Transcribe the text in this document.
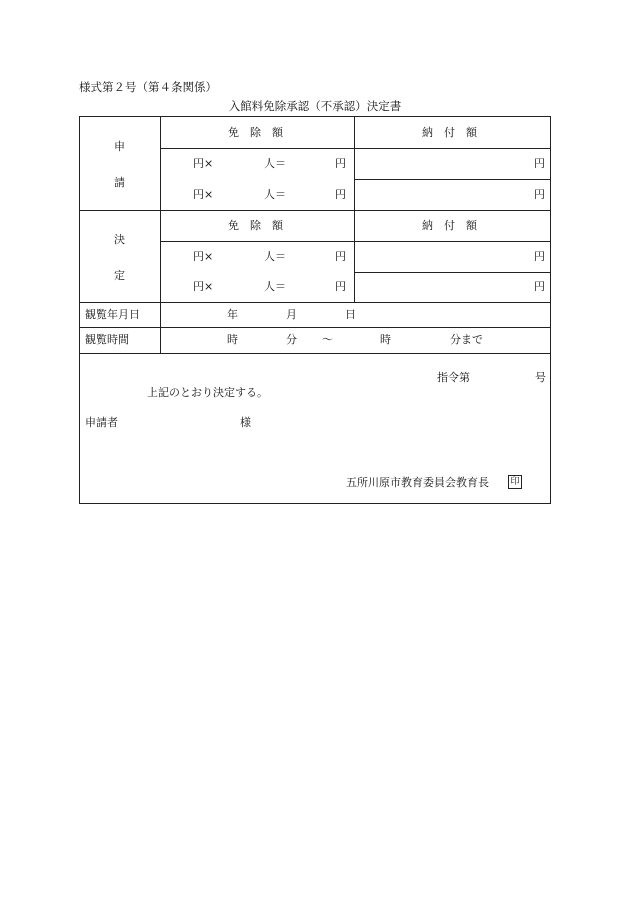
様式第２号（第４条関係）
入館料免除承認（不承認）決定書
申
請
免除額	納付額
円×	人＝	円	円
円×	人＝	円	円
決
定
免除額	納付額
円×	人＝	円	円
円×	人＝	円	円
観覧年月日	年	月	日
観覧時間	時	分 ～	時	分まで
指令第	号
上記のとおり決定する。
申請者	様
五所川原市教育委員会教育長 印
